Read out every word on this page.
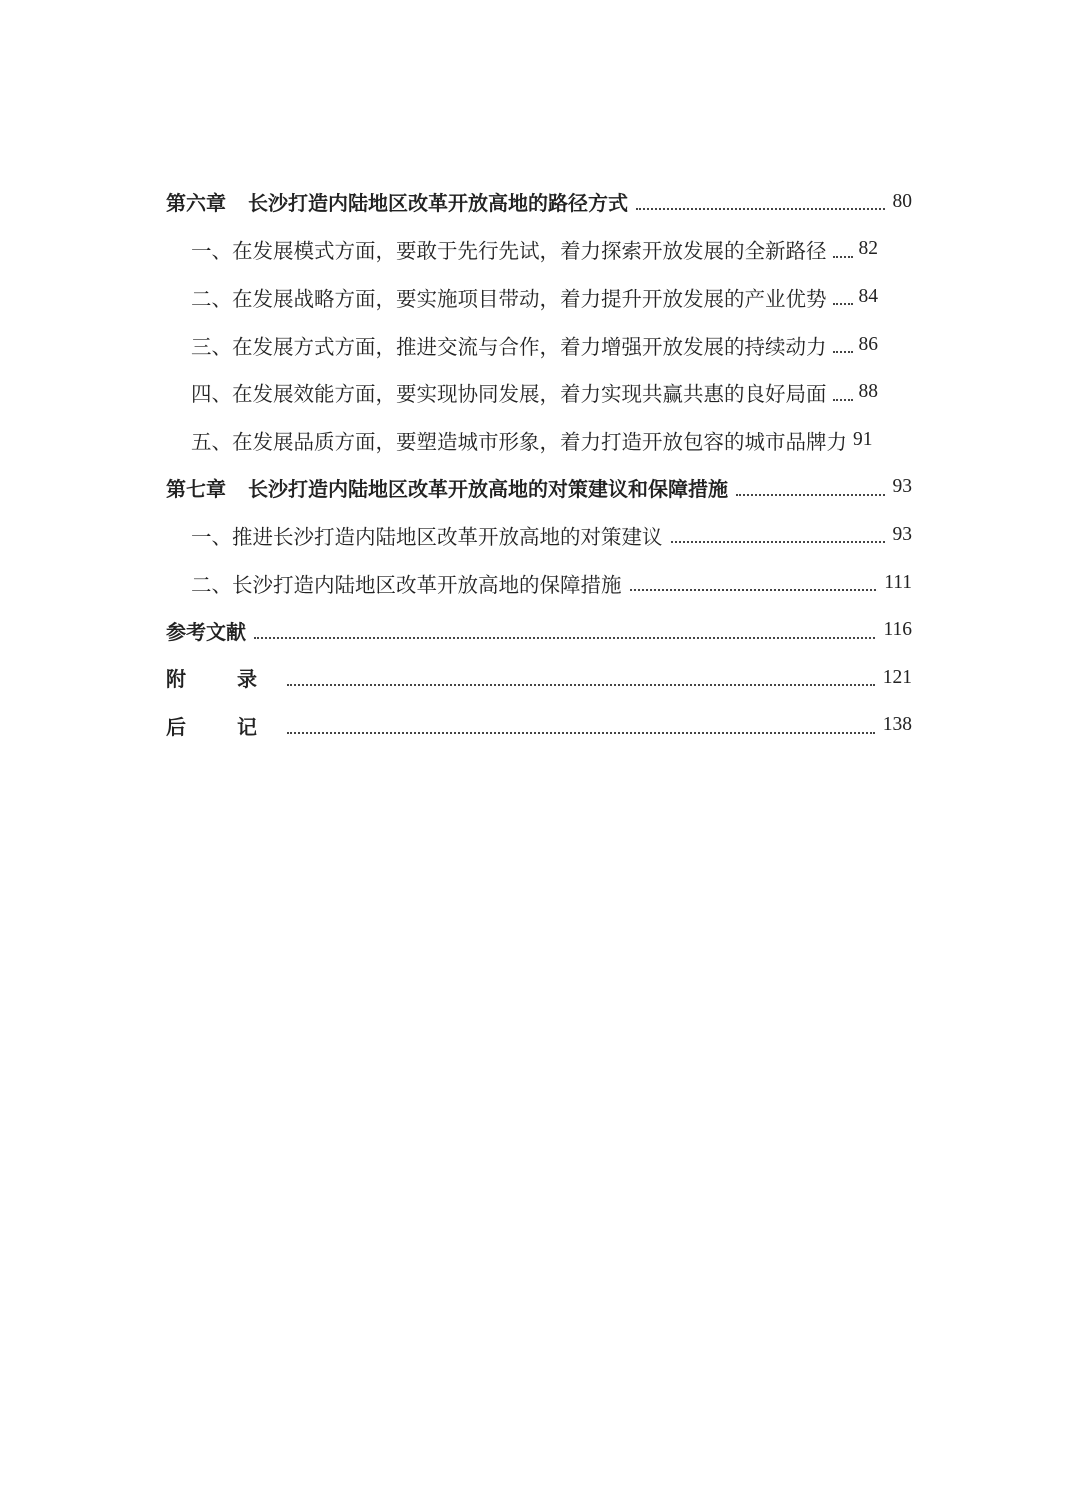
第六章 长沙打造内陆地区改革开放高地的路径方式	80
一、在发展模式方面，要敢于先行先试，着力探索开放发展的全新路径 82
二、在发展战略方面，要实施项目带动，着力提升开放发展的产业优势 84
三、在发展方式方面，推进交流与合作，着力增强开放发展的持续动力 86
四、在发展效能方面，要实现协同发展，着力实现共赢共惠的良好局面 88
五、在发展品质方面，要塑造城市形象，着力打造开放包容的城市品牌力 91
第七章 长沙打造内陆地区改革开放高地的对策建议和保障措施	93
一、推进长沙打造内陆地区改革开放高地的对策建议	93
二、长沙打造内陆地区改革开放高地的保障措施	111
参考文献	116
附 录	121
后 记	138
